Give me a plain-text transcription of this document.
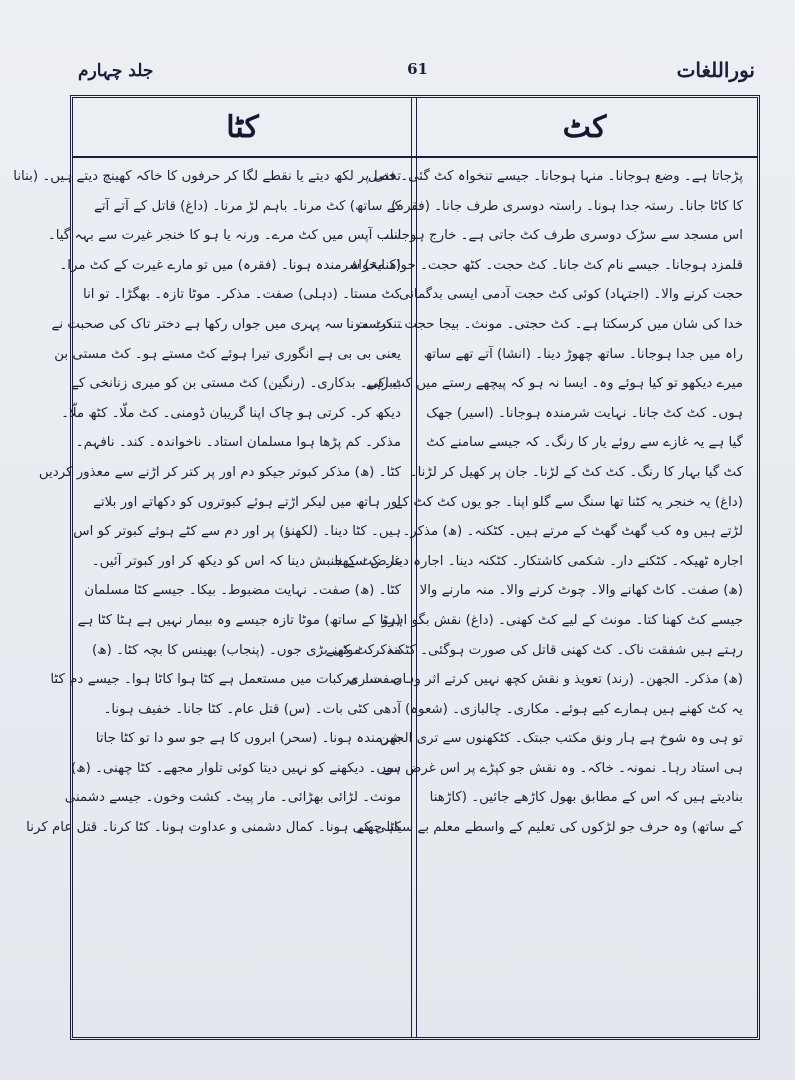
نوراللغات
61
جلد چہارم
کٹ
کٹا
پڑجاتا ہے۔ وضع ہوجانا۔ منہا ہوجانا۔ جیسے تنخواہ کٹ گئی۔ فصل
کا کاٹا جانا۔ رستہ جدا ہونا۔ راستہ دوسری طرف جانا۔ (فقرہ)
اس مسجد سے سڑک دوسری طرف کٹ جاتی ہے۔ خارج ہوجانا۔
قلمزد ہوجانا۔ جیسے نام کٹ جانا۔ کٹ حجت۔ کٹھ حجت۔ خواہ مخواہ
حجت کرنے والا۔ (اجتہاد) کوئی کٹ حجت آدمی ایسی بدگمانی
خدا کی شان میں کرسکتا ہے۔ کٹ حجتی۔ مونث۔ بیجا حجت۔ کٹ مرنا
راہ میں جدا ہوجانا۔ ساتھ چھوڑ دینا۔ (انشا) آتے تھے ساتھ
میرے دیکھو تو کیا ہوئے وہ۔ ایسا نہ ہو کہ پیچھے رستے میں کٹ رہے
ہوں۔ کٹ کٹ جانا۔ نہایت شرمندہ ہوجانا۔ (اسیر) جھک
گیا ہے یہ غازے سے روئے یار کا رنگ۔ کہ جیسے سامنے کٹ
کٹ گیا بہار کا رنگ۔ کٹ کٹ کے لڑنا۔ جان پر کھیل کر لڑنا۔
(داغ) یہ خنجر یہ کٹنا تھا سنگ سے گلو اپنا۔ جو یوں کٹ کٹ کے
لڑتے ہیں وہ کب گھٹ گھٹ کے مرتے ہیں۔ کٹکنہ۔ (ھ) مذکر۔
اجارہ ٹھیکہ۔ کٹکنے دار۔ شکمی کاشتکار۔ کٹکنہ دینا۔ اجارہ دینا۔ کٹ کھنا
(ھ) صفت۔ کاٹ کھانے والا۔ چوٹ کرنے والا۔ منہ مارنے والا
جیسے کٹ کھنا کتا۔ مونث کے لیے کٹ کھنی۔ (داغ) نقش بگو اہرو
رہتے ہیں شفقت ناک۔ کٹ کھنی قاتل کی صورت ہوگئی۔ کٹکنہ۔ کٹ کھنے
(ھ) مذکر۔ الجھن۔ (رند) تعویذ و نقش کچھ نہیں کرتے اثر وہاں۔ ساری
یہ کٹ کھنے ہیں ہمارے کیے ہوئے۔ مکاری۔ چالبازی۔ (شعوہ)
تو ہی وہ شوخ ہے ہار ونق مکتب جبتک۔ کٹکھنوں سے تری الجھن
ہی استاد رہا۔ نمونہ۔ خاکہ۔ وہ نقش جو کپڑے پر اس غرض سے
بنادیتے ہیں کہ اس کے مطابق بھول کاڑھے جائیں۔ (کاڑھنا
کے ساتھ) وہ حرف جو لڑکوں کی تعلیم کے واسطے معلم بے سیاہی کے
تختی پر لکھ دیتے یا نقطے لگا کر حرفوں کا خاکہ کھینچ دیتے ہیں۔ (بنانا
کے ساتھ) کٹ مرنا۔ باہم لڑ مرنا۔ (داغ) قاتل کے آتے آتے
سب آپس میں کٹ مرے۔ ورنہ یا ہو کا خنجر غیرت سے بہہ گیا۔
(کنایۃ) شرمندہ ہونا۔ (فقرہ) میں تو مارے غیرت کے کٹ مرا۔
کٹ مستا۔ (دہلی) صفت۔ مذکر۔ موٹا تازہ۔ بھگڑا۔ تو انا
تندرست۔ سہ پہری میں جواں رکھا ہے دختر تاک کی صحبت نے
یعنی بی بی ہے انگوری تیرا ہوئے کٹ مستے ہو۔ کٹ مستی بن
بیباکی۔ بدکاری۔ (رنگین) کٹ مستی بن کو میری زنانخی کے
دیکھ کر۔ کرتی ہو چاک اپنا گریبان ڈومنی۔ کٹ ملّا۔ کٹھ ملّا۔
مذکر۔ کم پڑھا ہوا مسلمان استاد۔ ناخواندہ۔ کند۔ نافہم۔
کٹا۔ (ھ) مذکر کبوتر جیکو دم اور پر کتر کر اڑنے سے معذور کردیں
اور ہاتھ میں لیکر اڑتے ہوئے کبوتروں کو دکھاتے اور بلاتے
ہیں۔ کٹا دینا۔ (لکھنؤ) پر اور دم سے کٹے ہوئے کبوتر کو اس
غرض سے جنبش دینا کہ اس کو دیکھ کر اور کبوتر آئیں۔
کٹا۔ (ھ) صفت۔ نہایت مضبوط۔ بیکا۔ جیسے کٹا مسلمان
(ہٹا کے ساتھ) موٹا تازہ جیسے وہ بیمار نہیں ہے ہٹا کٹا ہے
مذکر۔ موٹی بڑی جوں۔ (پنجاب) بھینس کا بچہ کٹا۔ (ھ)
صفت۔ مرکبات میں مستعمل ہے کٹا ہوا کاٹا ہوا۔ جیسے دم کٹا
آدھی کٹی بات۔ (س) قتل عام۔ کٹا جانا۔ خفیف ہونا۔
شرمندہ ہونا۔ (سحر) ابروں کا ہے جو سو دا تو کٹا جاتا
ہوں۔ دیکھنے کو نہیں دیتا کوئی تلوار مجھے۔ کٹا چھنی۔ (ھ)
مونث۔ لڑائی بھڑائی۔ مار پیٹ۔ کشت وخون۔ جیسے دشمنی
کٹا چھنی ہونا۔ کمال دشمنی و عداوت ہونا۔ کٹا کرنا۔ قتل عام کرنا
